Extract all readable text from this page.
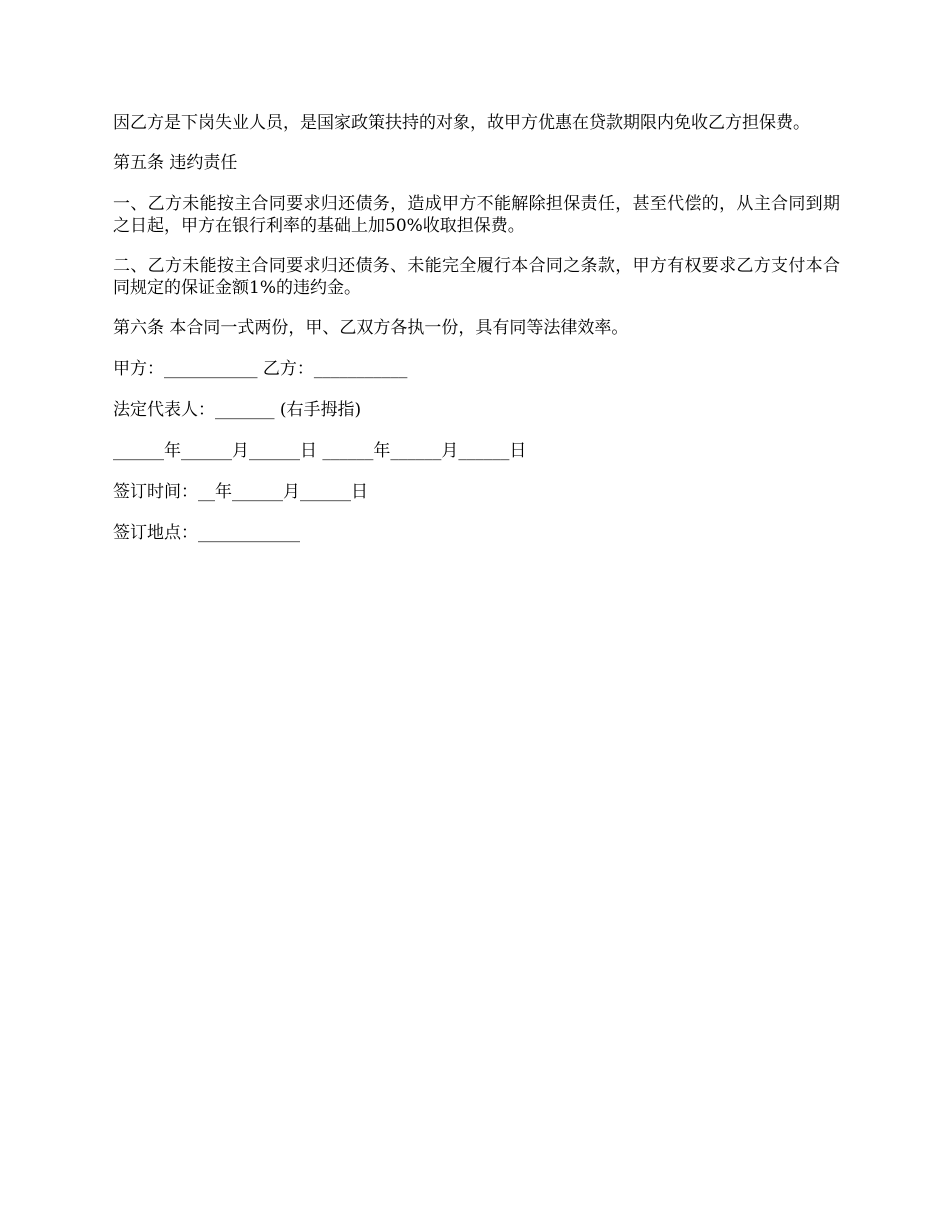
因乙方是下岗失业人员，是国家政策扶持的对象，故甲方优惠在贷款期限内免收乙方担保费。

第五条 违约责任

一、乙方未能按主合同要求归还债务，造成甲方不能解除担保责任，甚至代偿的，从主合同到期之日起，甲方在银行利率的基础上加50%收取担保费。

二、乙方未能按主合同要求归还债务、未能完全履行本合同之条款，甲方有权要求乙方支付本合同规定的保证金额1%的违约金。

第六条 本合同一式两份，甲、乙双方各执一份，具有同等法律效率。

甲方：___________ 乙方：___________

法定代表人：_______ (右手拇指)

______年______月______日 ______年______月______日

签订时间：__年______月______日

签订地点：____________
